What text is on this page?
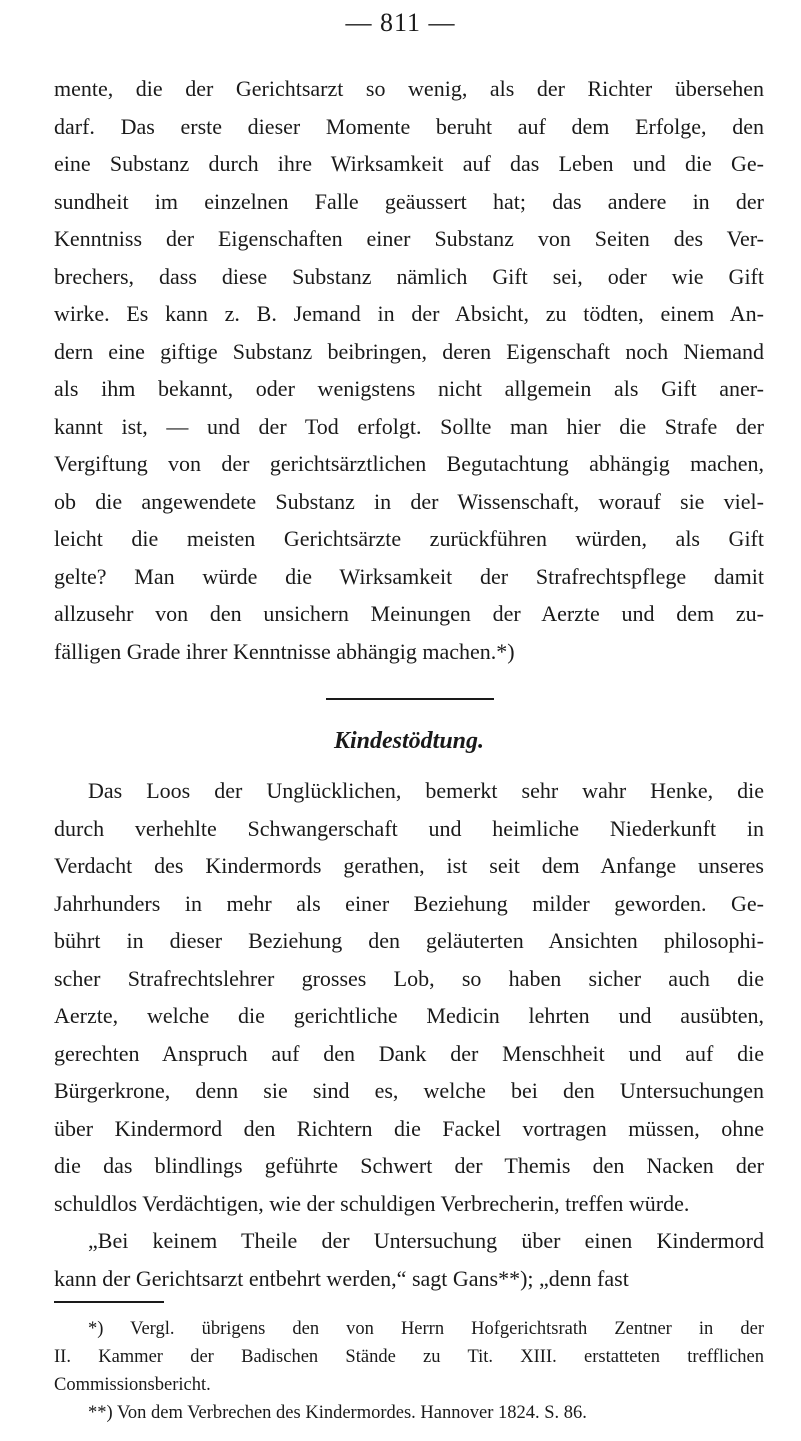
— 811 —
mente, die der Gerichtsarzt so wenig, als der Richter übersehen
darf. Das erste dieser Momente beruht auf dem Erfolge, den
eine Substanz durch ihre Wirksamkeit auf das Leben und die Ge-
sundheit im einzelnen Falle geäussert hat; das andere in der
Kenntniss der Eigenschaften einer Substanz von Seiten des Ver-
brechers, dass diese Substanz nämlich Gift sei, oder wie Gift
wirke. Es kann z. B. Jemand in der Absicht, zu tödten, einem An-
dern eine giftige Substanz beibringen, deren Eigenschaft noch Niemand
als ihm bekannt, oder wenigstens nicht allgemein als Gift aner-
kannt ist, — und der Tod erfolgt. Sollte man hier die Strafe der
Vergiftung von der gerichtsärztlichen Begutachtung abhängig machen,
ob die angewendete Substanz in der Wissenschaft, worauf sie viel-
leicht die meisten Gerichtsärzte zurückführen würden, als Gift
gelte? Man würde die Wirksamkeit der Strafrechtspflege damit
allzusehr von den unsichern Meinungen der Aerzte und dem zu-
fälligen Grade ihrer Kenntnisse abhängig machen.*)
Kindestödtung.
Das Loos der Unglücklichen, bemerkt sehr wahr Henke, die
durch verhehlte Schwangerschaft und heimliche Niederkunft in
Verdacht des Kindermords gerathen, ist seit dem Anfange unseres
Jahrhunders in mehr als einer Beziehung milder geworden. Ge-
bührt in dieser Beziehung den geläuterten Ansichten philosophi-
scher Strafrechtslehrer grosses Lob, so haben sicher auch die
Aerzte, welche die gerichtliche Medicin lehrten und ausübten,
gerechten Anspruch auf den Dank der Menschheit und auf die
Bürgerkrone, denn sie sind es, welche bei den Untersuchungen
über Kindermord den Richtern die Fackel vortragen müssen, ohne
die das blindlings geführte Schwert der Themis den Nacken der
schuldlos Verdächtigen, wie der schuldigen Verbrecherin, treffen würde.
„Bei keinem Theile der Untersuchung über einen Kindermord
kann der Gerichtsarzt entbehrt werden,“ sagt Gans**); „denn fast
*) Vergl. übrigens den von Herrn Hofgerichtsrath Zentner in der
II. Kammer der Badischen Stände zu Tit. XIII. erstatteten trefflichen
Commissionsbericht.
**) Von dem Verbrechen des Kindermordes. Hannover 1824. S. 86.
